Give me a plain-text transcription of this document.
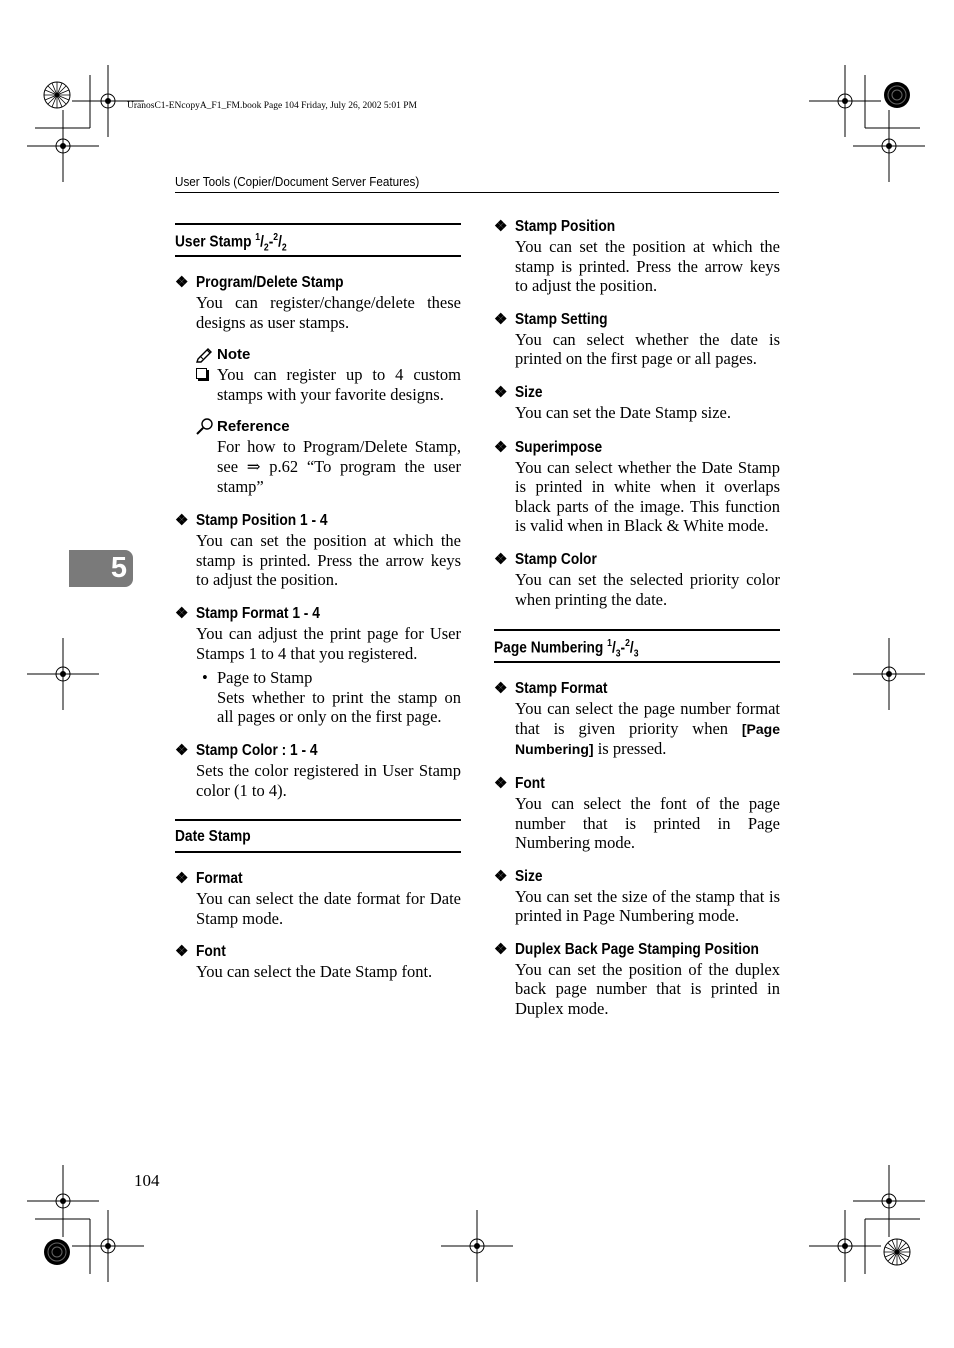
UranosC1-ENcopyA_F1_FM.book Page 104 Friday, July 26, 2002 5:01 PM
User Tools (Copier/Document Server Features)
5
User Stamp $^1/_2-^2/_2$
❖ Program/Delete Stamp
You can register/change/delete these designs as user stamps.
Note
You can register up to 4 custom stamps with your favorite designs.
Reference
For how to Program/Delete Stamp, see ⇒ p.62 “To program the user stamp”
❖ Stamp Position 1 - 4
You can set the position at which the stamp is printed. Press the arrow keys to adjust the position.
❖ Stamp Format 1 - 4
You can adjust the print page for User Stamps 1 to 4 that you registered.
• Page to Stamp
Sets whether to print the stamp on all pages or only on the first page.
❖ Stamp Color : 1 - 4
Sets the color registered in User Stamp color (1 to 4).
Date Stamp
❖ Format
You can select the date format for Date Stamp mode.
❖ Font
You can select the Date Stamp font.
❖ Stamp Position
You can set the position at which the stamp is printed. Press the arrow keys to adjust the position.
❖ Stamp Setting
You can select whether the date is printed on the first page or all pages.
❖ Size
You can set the Date Stamp size.
❖ Superimpose
You can select whether the Date Stamp is printed in white when it overlaps black parts of the image. This function is valid when in Black & White mode.
❖ Stamp Color
You can set the selected priority color when printing the date.
Page Numbering $^1/_3-^2/_3$
❖ Stamp Format
You can select the page number format that is given priority when [Page Numbering] is pressed.
❖ Font
You can select the font of the page number that is printed in Page Numbering mode.
❖ Size
You can set the size of the stamp that is printed in Page Numbering mode.
❖ Duplex Back Page Stamping Position
You can set the position of the duplex back page number that is printed in Duplex mode.
104
